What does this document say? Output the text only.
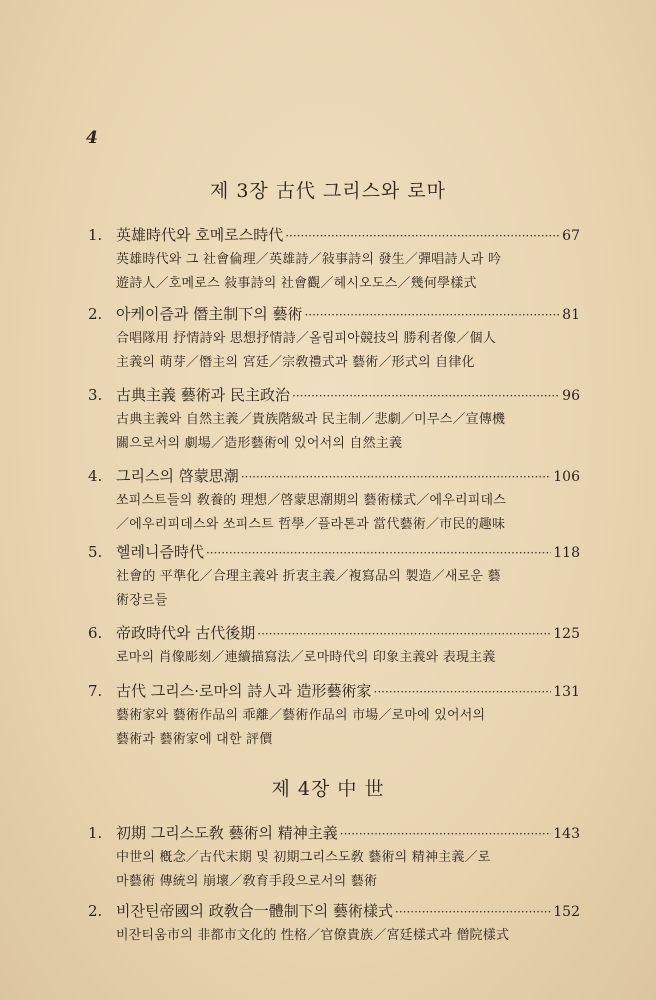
4
제 3장 古代 그리스와 로마
1. 英雄時代와 호메로스時代 ·····	67
英雄時代와 그 社會倫理／英雄詩／敍事詩의 發生／彈唱詩人과 吟
遊詩人／호메로스 敍事詩의 社會觀／헤시오도스／幾何學樣式
2. 아케이즘과 僭主制下의 藝術 ·····	81
合唱隊用 抒情詩와 思想抒情詩／올림피아競技의 勝利者像／個人
主義의 萌芽／僭主의 宮廷／宗敎禮式과 藝術／形式의 自律化
3. 古典主義 藝術과 民主政治 ·····	96
古典主義와 自然主義／貴族階級과 民主制／悲劇／미무스／宣傳機
關으로서의 劇場／造形藝術에 있어서의 自然主義
4. 그리스의 啓蒙思潮 ·····	106
쏘피스트들의 敎養的 理想／啓蒙思潮期의 藝術樣式／에우리피데스
／에우리피데스와 쏘피스트 哲學／플라톤과 當代藝術／市民的趣味
5. 헬레니즘時代 ·····	118
社會的 平準化／合理主義와 折衷主義／複寫品의 製造／새로운 藝
術장르들
6. 帝政時代와 古代後期 ·····	125
로마의 肖像彫刻／連續描寫法／로마時代의 印象主義와 表現主義
7. 古代 그리스·로마의 詩人과 造形藝術家 ·····	131
藝術家와 藝術作品의 乖離／藝術作品의 市場／로마에 있어서의
藝術과 藝術家에 대한 評價
제 4장 中 世
1. 初期 그리스도敎 藝術의 精神主義 ·····	143
中世의 槪念／古代末期 및 初期그리스도敎 藝術의 精神主義／로
마藝術 傳統의 崩壞／敎育手段으로서의 藝術
2. 비잔틴帝國의 政敎合一體制下의 藝術樣式 ·····	152
비잔티움市의 非都市文化的 性格／官僚貴族／宮廷樣式과 僧院樣式
